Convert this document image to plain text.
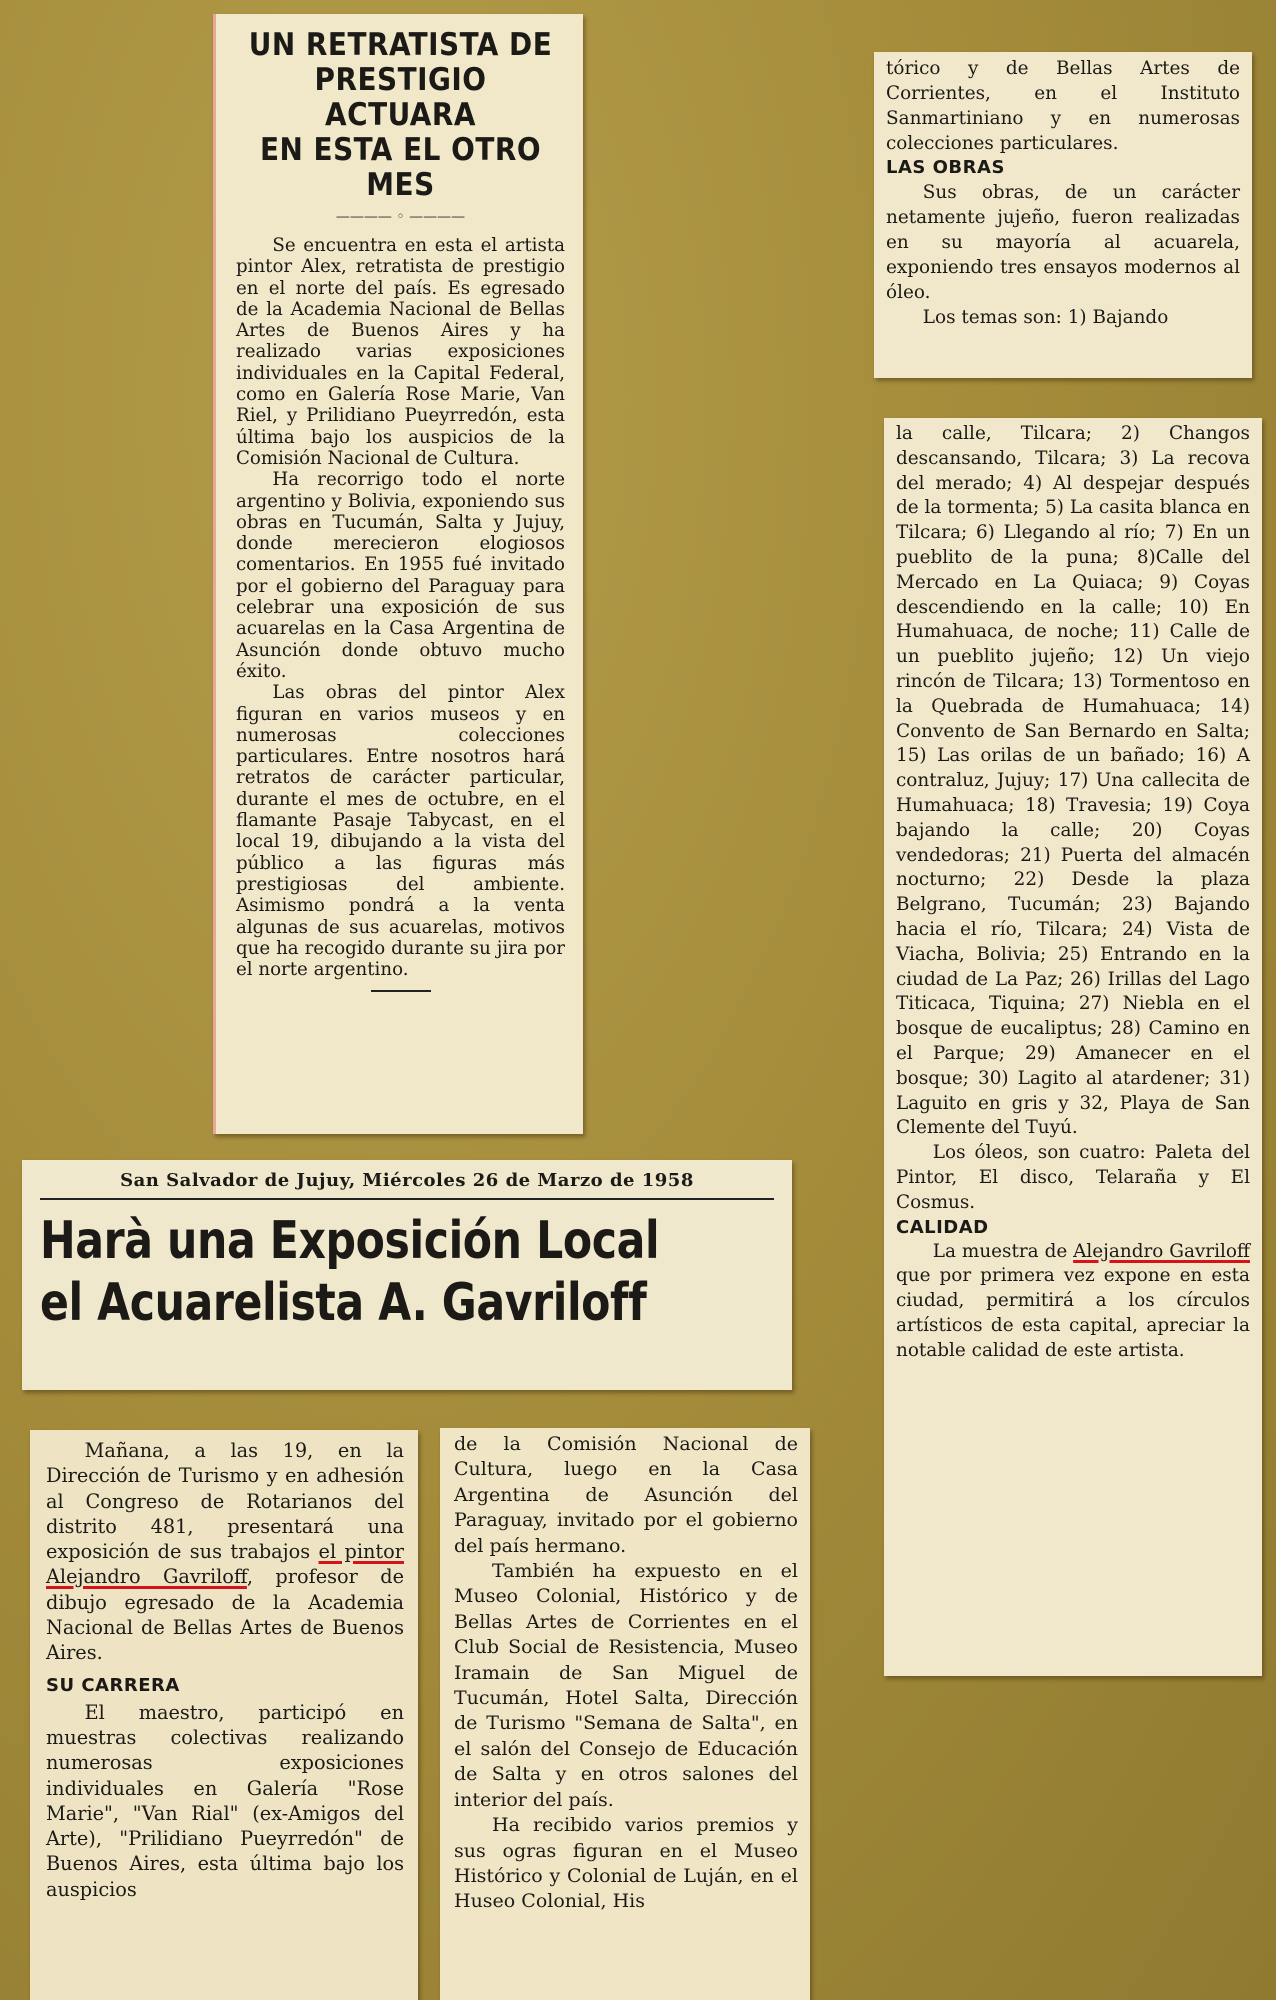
UN RETRATISTA DE
PRESTIGIO ACTUARA
EN ESTA EL OTRO MES
———— ◦ ————

Se encuentra en esta el artista pintor Alex, retratista de prestigio en el norte del país. Es egresado de la Academia Nacional de Bellas Artes de Buenos Aires y ha realizado varias exposiciones individuales en la Capital Federal, como en Galería Rose Marie, Van Riel, y Prilidiano Pueyrredón, esta última bajo los auspicios de la Comisión Nacional de Cultura.

Ha recorrigo todo el norte argentino y Bolivia, exponiendo sus obras en Tucumán, Salta y Jujuy, donde merecieron elogiosos comentarios. En 1955 fué invitado por el gobierno del Paraguay para celebrar una exposición de sus acuarelas en la Casa Argentina de Asunción donde obtuvo mucho éxito.

Las obras del pintor Alex figuran en varios museos y en numerosas colecciones particulares. Entre nosotros hará retratos de carácter particular, durante el mes de octubre, en el flamante Pasaje Tabycast, en el local 19, dibujando a la vista del público a las figuras más prestigiosas del ambiente. Asimismo pondrá a la venta algunas de sus acuarelas, motivos que ha recogido durante su jira por el norte argentino.

San Salvador de Jujuy, Miércoles 26 de Marzo de 1958
Harà una Exposición Local
el Acuarelista A. Gavriloff

Mañana, a las 19, en la Dirección de Turismo y en adhesión al Congreso de Rotarianos del distrito 481, presentará una exposición de sus trabajos el pintor Alejandro Gavriloff, profesor de dibujo egresado de la Academia Nacional de Bellas Artes de Buenos Aires.

SU CARRERA

El maestro, participó en muestras colectivas realizando numerosas exposiciones individuales en Galería "Rose Marie", "Van Rial" (ex-Amigos del Arte), "Prilidiano Pueyrredón" de Buenos Aires, esta última bajo los auspicios

de la Comisión Nacional de Cultura, luego en la Casa Argentina de Asunción del Paraguay, invitado por el gobierno del país hermano.

También ha expuesto en el Museo Colonial, Histórico y de Bellas Artes de Corrientes en el Club Social de Resistencia, Museo Iramain de San Miguel de Tucumán, Hotel Salta, Dirección de Turismo "Semana de Salta", en el salón del Consejo de Educación de Salta y en otros salones del interior del país.

Ha recibido varios premios y sus ogras figuran en el Museo Histórico y Colonial de Luján, en el Huseo Colonial, His

tórico y de Bellas Artes de Corrientes, en el Instituto Sanmartiniano y en numerosas colecciones particulares.

LAS OBRAS

Sus obras, de un carácter netamente jujeño, fueron realizadas en su mayoría al acuarela, exponiendo tres ensayos modernos al óleo.

Los temas son: 1) Bajando

la calle, Tilcara; 2) Changos descansando, Tilcara; 3) La recova del merado; 4) Al despejar después de la tormenta; 5) La casita blanca en Tilcara; 6) Llegando al río; 7) En un pueblito de la puna; 8)Calle del Mercado en La Quiaca; 9) Coyas descendiendo en la calle; 10) En Humahuaca, de noche; 11) Calle de un pueblito jujeño; 12) Un viejo rincón de Tilcara; 13) Tormentoso en la Quebrada de Humahuaca; 14) Convento de San Bernardo en Salta; 15) Las orilas de un bañado; 16) A contraluz, Jujuy; 17) Una callecita de Humahuaca; 18) Travesia; 19) Coya bajando la calle; 20) Coyas vendedoras; 21) Puerta del almacén nocturno; 22) Desde la plaza Belgrano, Tucumán; 23) Bajando hacia el río, Tilcara; 24) Vista de Viacha, Bolivia; 25) Entrando en la ciudad de La Paz; 26) Irillas del Lago Titicaca, Tiquina; 27) Niebla en el bosque de eucaliptus; 28) Camino en el Parque; 29) Amanecer en el bosque; 30) Lagito al atardener; 31) Laguito en gris y 32, Playa de San Clemente del Tuyú.

Los óleos, son cuatro: Paleta del Pintor, El disco, Telaraña y El Cosmus.

CALIDAD

La muestra de Alejandro Gavriloff que por primera vez expone en esta ciudad, permitirá a los círculos artísticos de esta capital, apreciar la notable calidad de este artista.
